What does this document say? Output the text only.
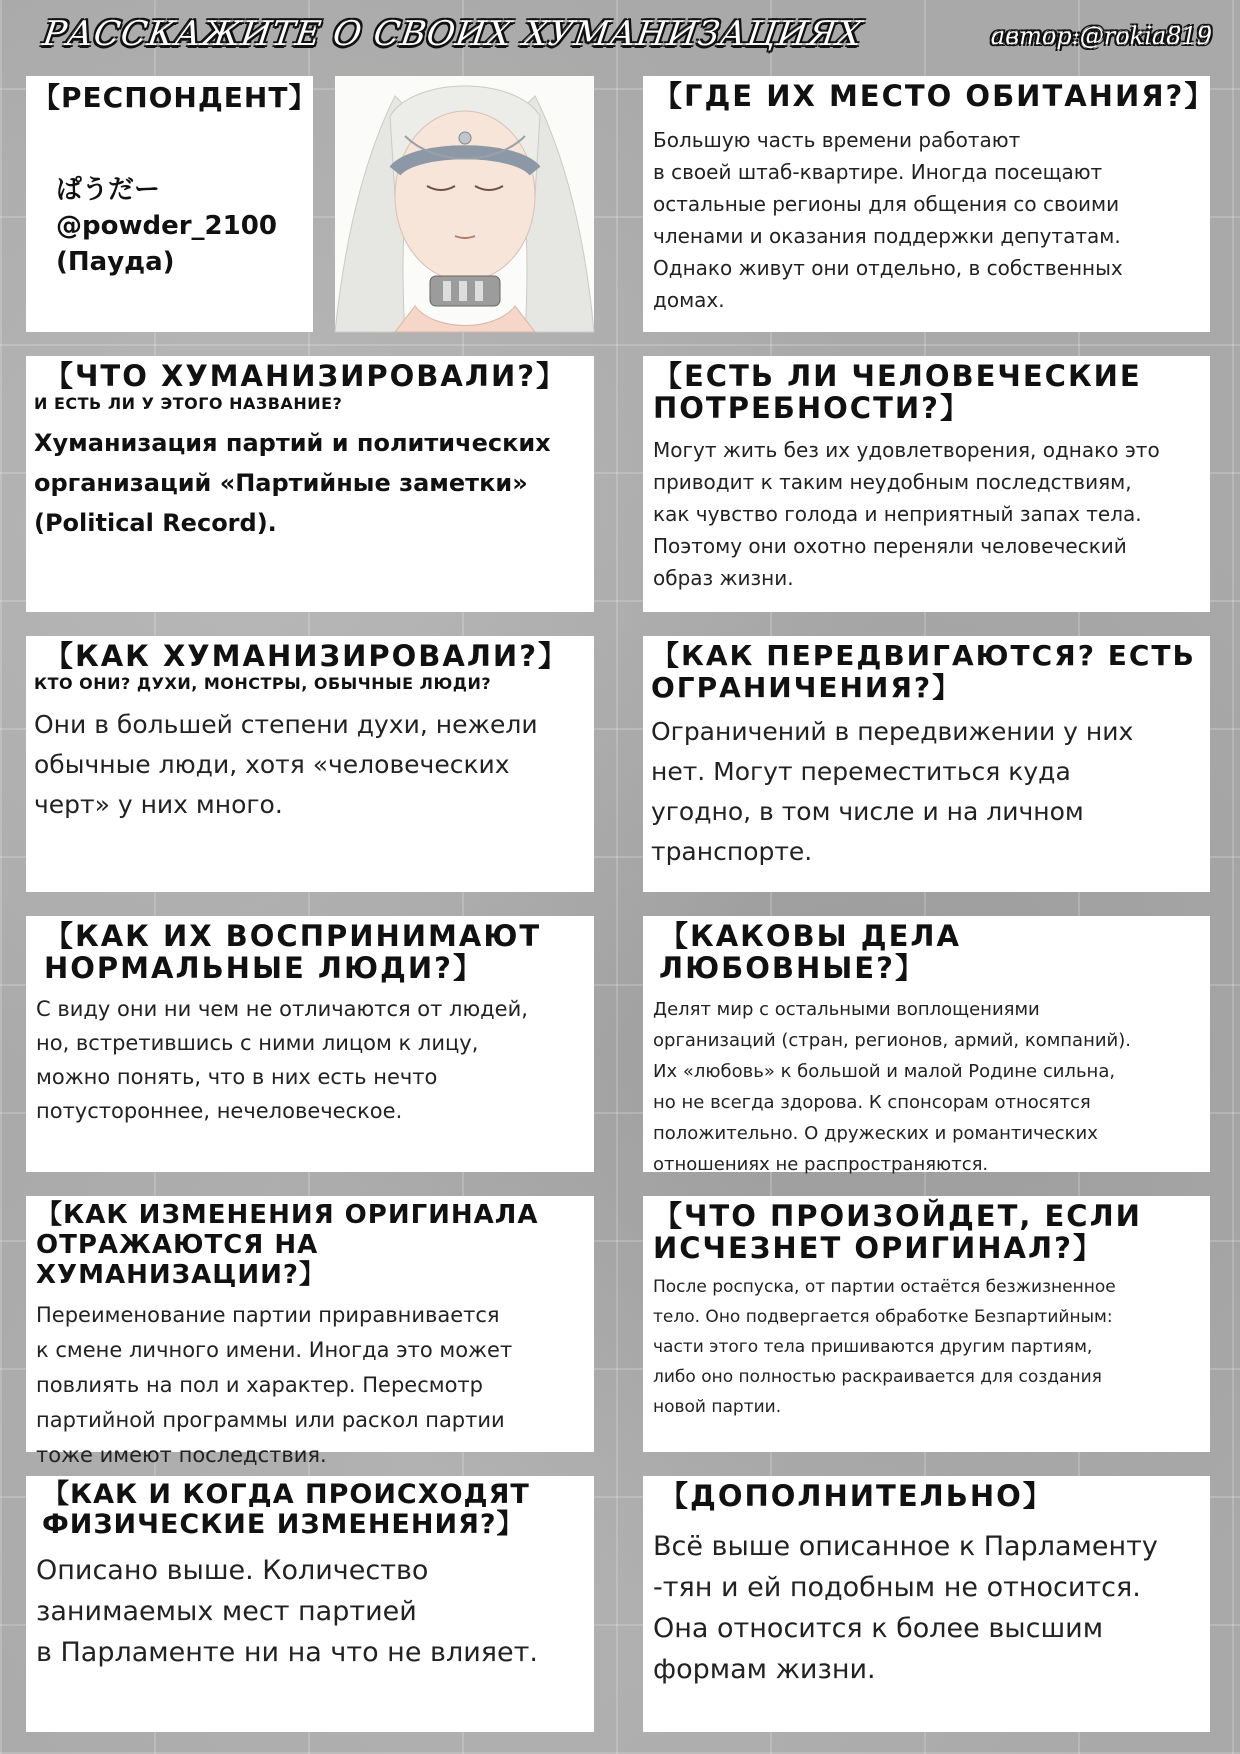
РАССКАЖИТЕ О СВОИХ ХУМАНИЗАЦИЯХ	автор:@rokia819
【РЕСПОНДЕНТ】
ぱうだー
@powder_2100
(Пауда)
【ГДЕ ИХ МЕСТО ОБИТАНИЯ?】
Большую часть времени работают
в своей штаб-квартире. Иногда посещают
остальные регионы для общения со своими
членами и оказания поддержки депутатам.
Однако живут они отдельно, в собственных
домах.
【ЧТО ХУМАНИЗИРОВАЛИ?】
И ЕСТЬ ЛИ У ЭТОГО НАЗВАНИЕ?
Хуманизация партий и политических
организаций «Партийные заметки»
(Political Record).
【ЕСТЬ ЛИ ЧЕЛОВЕЧЕСКИЕ
ПОТРЕБНОСТИ?】
Могут жить без их удовлетворения, однако это
приводит к таким неудобным последствиям,
как чувство голода и неприятный запах тела.
Поэтому они охотно переняли человеческий
образ жизни.
【КАК ХУМАНИЗИРОВАЛИ?】
КТО ОНИ? ДУХИ, МОНСТРЫ, ОБЫЧНЫЕ ЛЮДИ?
Они в большей степени духи, нежели
обычные люди, хотя «человеческих
черт» у них много.
【КАК ПЕРЕДВИГАЮТСЯ? ЕСТЬ
ОГРАНИЧЕНИЯ?】
Ограничений в передвижении у них
нет. Могут переместиться куда
угодно, в том числе и на личном
транспорте.
【КАК ИХ ВОСПРИНИМАЮТ
НОРМАЛЬНЫЕ ЛЮДИ?】
С виду они ни чем не отличаются от людей,
но, встретившись с ними лицом к лицу,
можно понять, что в них есть нечто
потустороннее, нечеловеческое.
【КАКОВЫ ДЕЛА ЛЮБОВНЫЕ?】
Делят мир с остальными воплощениями
организаций (стран, регионов, армий, компаний).
Их «любовь» к большой и малой Родине сильна,
но не всегда здорова. К спонсорам относятся
положительно. О дружеских и романтических
отношениях не распространяются.
【КАК ИЗМЕНЕНИЯ ОРИГИНАЛА
ОТРАЖАЮТСЯ НА ХУМАНИЗАЦИИ?】
Переименование партии приравнивается
к смене личного имени. Иногда это может
повлиять на пол и характер. Пересмотр
партийной программы или раскол партии
тоже имеют последствия.
【ЧТО ПРОИЗОЙДЕТ, ЕСЛИ
ИСЧЕЗНЕТ ОРИГИНАЛ?】
После роспуска, от партии остаётся безжизненное
тело. Оно подвергается обработке Безпартийным:
части этого тела пришиваются другим партиям,
либо оно полностью раскраивается для создания
новой партии.
【КАК И КОГДА ПРОИСХОДЯТ
ФИЗИЧЕСКИЕ ИЗМЕНЕНИЯ?】
Описано выше. Количество
занимаемых мест партией
в Парламенте ни на что не влияет.
【ДОПОЛНИТЕЛЬНО】
Всё выше описанное к Парламенту
-тян и ей подобным не относится.
Она относится к более высшим
формам жизни.
